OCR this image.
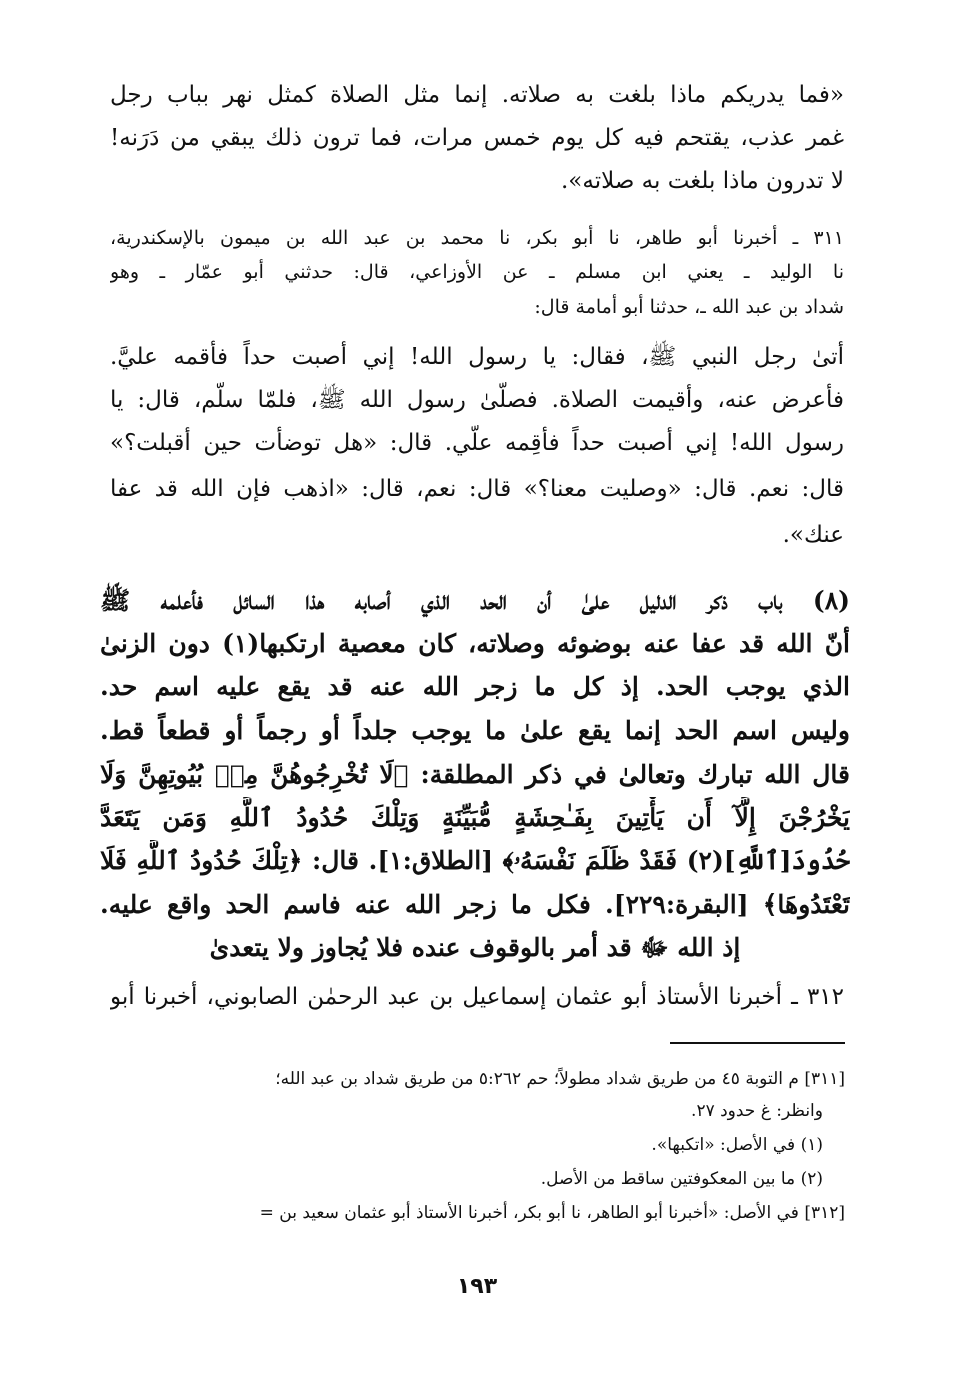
«فما يدريكم ماذا بلغت به صلاته. إنما مثل الصلاة كمثل نهر بباب رجل
غمر عذب، يقتحم فيه كل يوم خمس مرات، فما ترون ذلك يبقي من دَرَنه!
لا تدرون ماذا بلغت به صلاته».
٣١١ ـ أخبرنا أبو طاهر، نا أبو بكر، نا محمد بن عبد الله بن ميمون بالإسكندرية،
نا الوليد ـ يعني ابن مسلم ـ عن الأوزاعي، قال: حدثني أبو عمّار ـ وهو
شداد بن عبد الله ـ، حدثنا أبو أمامة قال:
أتىٰ رجل النبي ﷺ، فقال: يا رسول الله! إني أصبت حداً فأقمه عليَّ.
فأعرض عنه، وأقيمت الصلاة. فصلّىٰ رسول الله ﷺ، فلمّا سلّم، قال: يا
رسول الله! إني أصبت حداً فأقِمه علّي. قال: «هل توضأت حين أقبلت؟»
قال: نعم. قال: «وصليت معنا؟» قال: نعم، قال: «اذهب فإن الله قد عفا
عنك».
(٨) باب ذكر الدليل علىٰ أن الحد الذي أصابه هذا السائل فأعلمه ﷺ
أنّ الله قد عفا عنه بوضوئه وصلاته، كان معصية ارتكبها(١) دون الزنىٰ
الذي يوجب الحد. إذ كل ما زجر الله عنه قد يقع عليه اسم حد.
وليس اسم الحد إنما يقع علىٰ ما يوجب جلداً أو رجماً أو قطعاً قط.
قال الله تبارك وتعالىٰ في ذكر المطلقة: ﴿لَا تُخْرِجُوهُنَّ مِنۢ بُيُوتِهِنَّ وَلَا
يَخْرُجْنَ إِلَّآ أَن يَأْتِينَ بِفَـٰحِشَةٍ مُّبَيِّنَةٍ وَتِلْكَ حُدُودُ ٱللَّهِ وَمَن يَتَعَدَّ
حُدُودَ[ٱللَّهِ](٢) فَقَدْ ظَلَمَ نَفْسَهُۥ﴾ [الطلاق:١]. قال: ﴿تِلْكَ حُدُودُ ٱللَّهِ فَلَا
تَعْتَدُوهَا﴾ [البقرة:٢٢٩]. فكل ما زجر الله عنه فاسم الحد واقع عليه.
إذ الله ﷻ قد أمر بالوقوف عنده فلا يُجاوز ولا يتعدىٰ
٣١٢ ـ أخبرنا الأستاذ أبو عثمان إسماعيل بن عبد الرحمٰن الصابوني، أخبرنا أبو
[٣١١] م التوبة ٤٥ من طريق شداد مطولاً؛ حم ٥:٢٦٢ من طريق شداد بن عبد الله؛
وانظر: غ حدود ٢٧.
(١) في الأصل: «اتكبها».
(٢) ما بين المعكوفتين ساقط من الأصل.
[٣١٢] في الأصل: «أخبرنا أبو الطاهر، نا أبو بكر، أخبرنا الأستاذ أبو عثمان سعيد بن =
١٩٣
